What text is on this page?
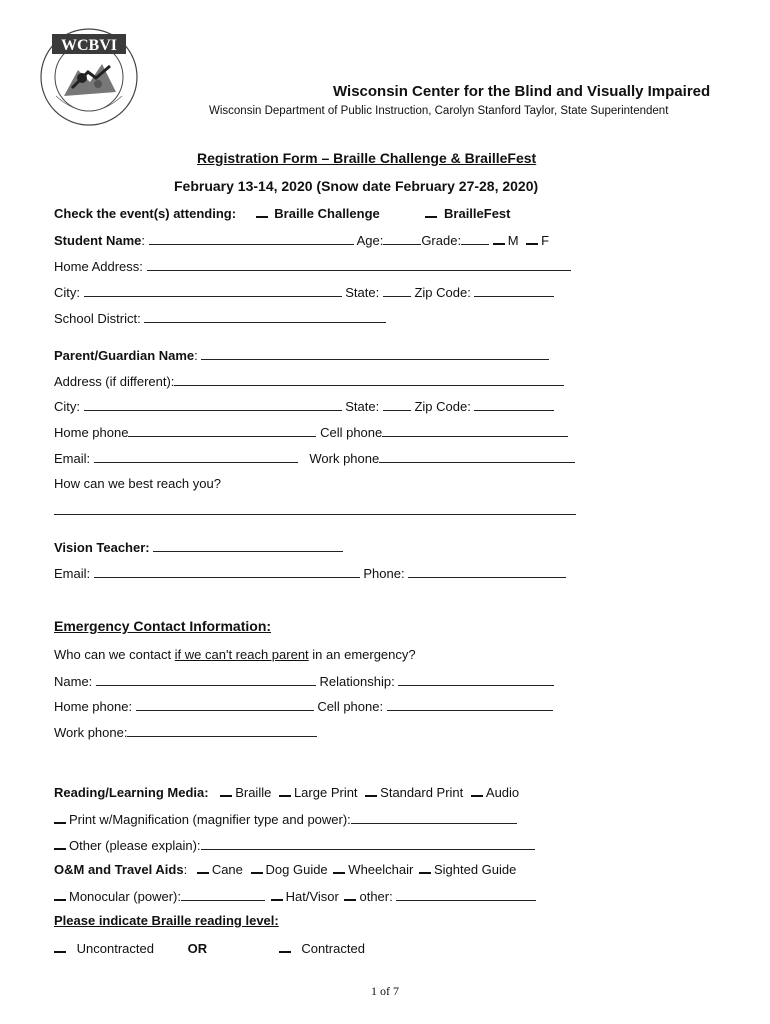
WCBVI
Wisconsin Center for the Blind and Visually Impaired
Wisconsin Department of Public Instruction, Carolyn Stanford Taylor, State Superintendent
Registration Form – Braille Challenge & BrailleFest
February 13-14, 2020 (Snow date February 27-28, 2020)
Check the event(s) attending:	Braille Challenge	BrailleFest
Student Name:	Age:	Grade:	M F
Home Address:
City:	State:	Zip Code:
School District:
Parent/Guardian Name:
Address (if different):
City:	State:	Zip Code:
Home phone	Cell phone
Email:	Work phone
How can we best reach you?
Vision Teacher:
Email:	Phone:
Emergency Contact Information:
Who can we contact if we can't reach parent in an emergency?
Name:	Relationship:
Home phone:	Cell phone:
Work phone:
Reading/Learning Media: Braille Large Print Standard Print Audio
Print w/Magnification (magnifier type and power):
Other (please explain):
O&M and Travel Aids: Cane Dog Guide Wheelchair Sighted Guide
Monocular (power):	Hat/Visor other:
Please indicate Braille reading level:
Uncontracted	OR	Contracted
1 of 7
